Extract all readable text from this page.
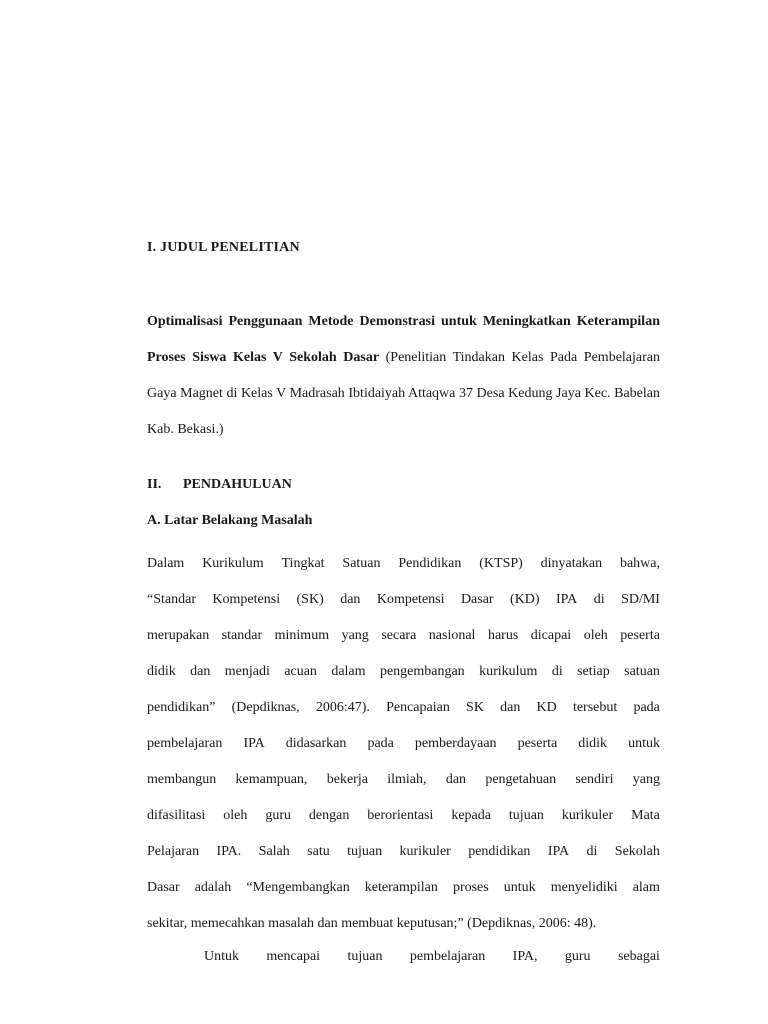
I. JUDUL PENELITIAN

Optimalisasi Penggunaan Metode Demonstrasi untuk Meningkatkan Keterampilan Proses Siswa Kelas V Sekolah Dasar (Penelitian Tindakan Kelas Pada Pembelajaran Gaya Magnet di Kelas V Madrasah Ibtidaiyah Attaqwa 37 Desa Kedung Jaya Kec. Babelan Kab. Bekasi.)

II. PENDAHULUAN
A. Latar Belakang Masalah
Dalam Kurikulum Tingkat Satuan Pendidikan (KTSP) dinyatakan bahwa,
“Standar Kompetensi (SK) dan Kompetensi Dasar (KD) IPA di SD/MI
merupakan standar minimum yang secara nasional harus dicapai oleh peserta
didik dan menjadi acuan dalam pengembangan kurikulum di setiap satuan
pendidikan” (Depdiknas, 2006:47). Pencapaian SK dan KD tersebut pada
pembelajaran IPA didasarkan pada pemberdayaan peserta didik untuk
membangun kemampuan, bekerja ilmiah, dan pengetahuan sendiri yang
difasilitasi oleh guru dengan berorientasi kepada tujuan kurikuler Mata
Pelajaran IPA. Salah satu tujuan kurikuler pendidikan IPA di Sekolah
Dasar adalah “Mengembangkan keterampilan proses untuk menyelidiki alam
sekitar, memecahkan masalah dan membuat keputusan;” (Depdiknas, 2006: 48).
Untuk mencapai tujuan pembelajaran IPA, guru sebagai
